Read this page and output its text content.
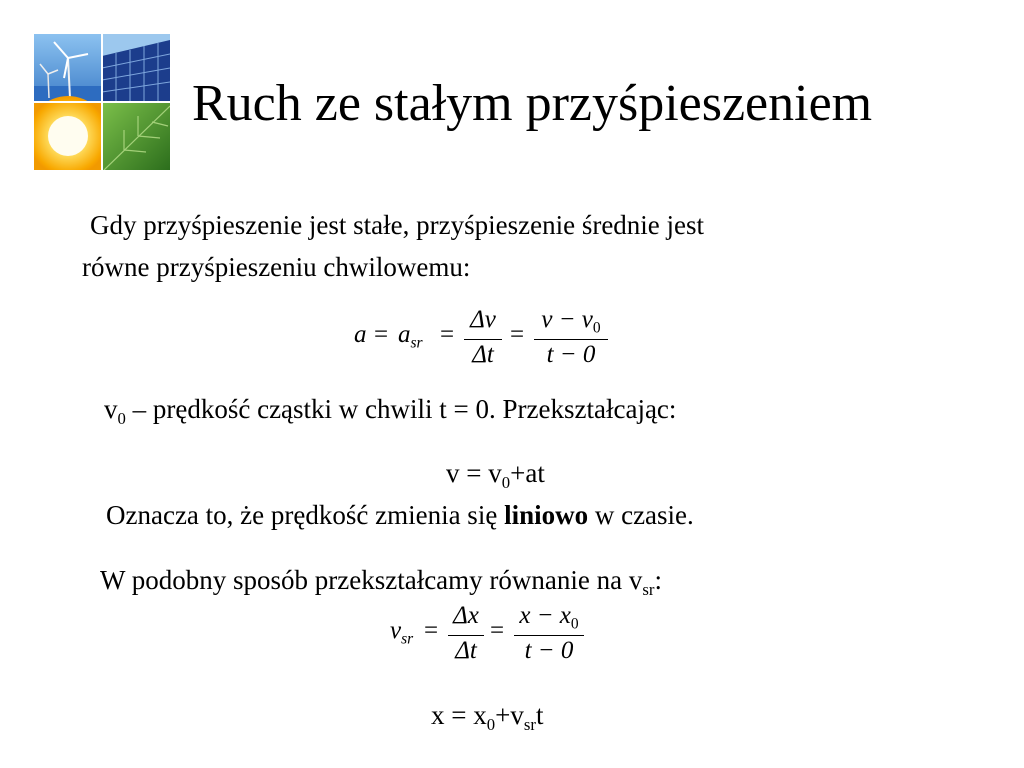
Ruch ze stałym przyśpieszeniem
Gdy przyśpieszenie jest stałe, przyśpieszenie średnie jest
równe przyśpieszeniu chwilowemu:
$a = a_{sr}$ =
Δv
Δt
=
$v - v_0$
t − 0
$v_0$ – prędkość cząstki w chwili t = 0. Przekształcając:
$v = v_0+at$
Oznacza to, że prędkość zmienia się liniowo w czasie.
W podobny sposób przekształcamy równanie na $v_{sr}$:
$v_{sr}$ =
Δx
Δt
=
$x - x_0$
t − 0
$x = x_0+v_{sr}t$
